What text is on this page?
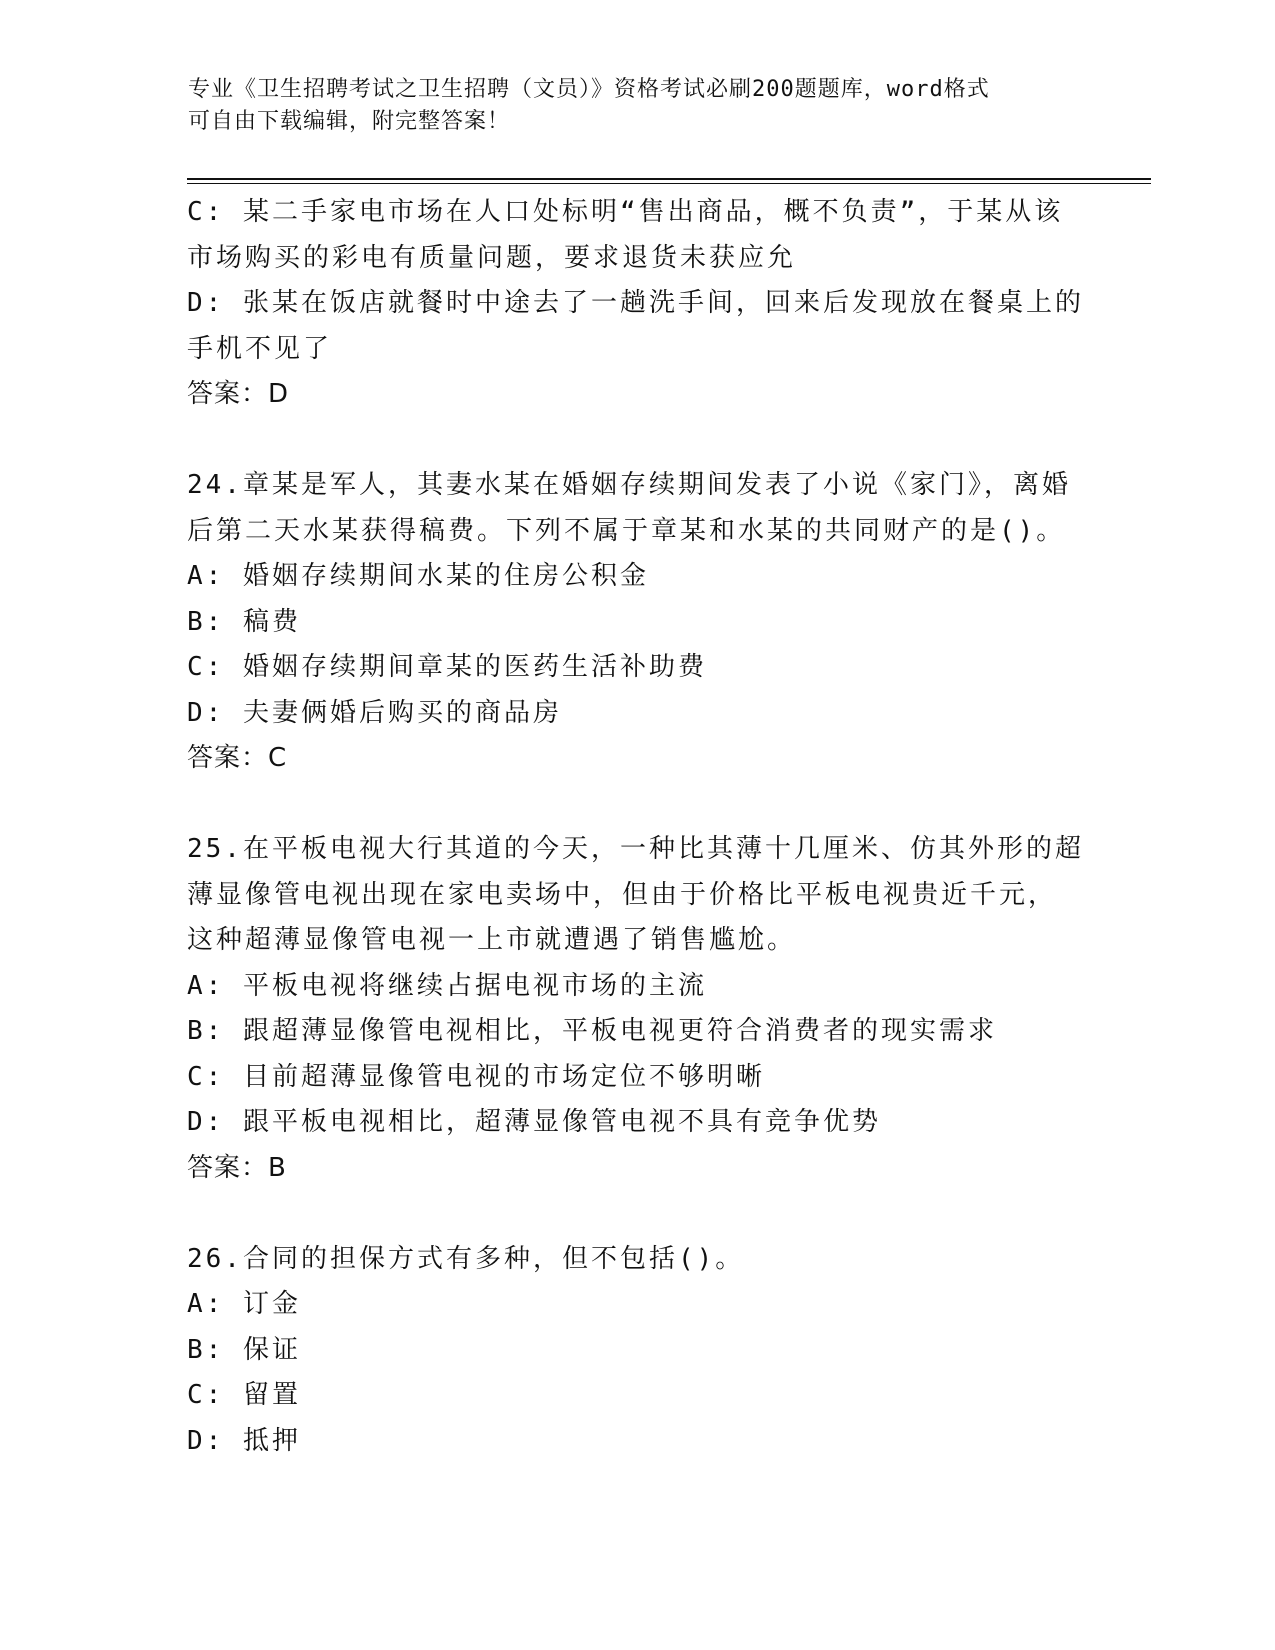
专业《卫生招聘考试之卫生招聘（文员）》资格考试必刷200题题库，word格式
可自由下载编辑，附完整答案！
C: 某二手家电市场在人口处标明“售出商品，概不负责”，于某从该
市场购买的彩电有质量问题，要求退货未获应允
D: 张某在饭店就餐时中途去了一趟洗手间，回来后发现放在餐桌上的
手机不见了
答案：D
24.章某是军人，其妻水某在婚姻存续期间发表了小说《家门》，离婚
后第二天水某获得稿费。下列不属于章某和水某的共同财产的是()。
A: 婚姻存续期间水某的住房公积金
B: 稿费
C: 婚姻存续期间章某的医药生活补助费
D: 夫妻俩婚后购买的商品房
答案：C
25.在平板电视大行其道的今天，一种比其薄十几厘米、仿其外形的超
薄显像管电视出现在家电卖场中，但由于价格比平板电视贵近千元，
这种超薄显像管电视一上市就遭遇了销售尴尬。
A: 平板电视将继续占据电视市场的主流
B: 跟超薄显像管电视相比，平板电视更符合消费者的现实需求
C: 目前超薄显像管电视的市场定位不够明晰
D: 跟平板电视相比，超薄显像管电视不具有竞争优势
答案：B
26.合同的担保方式有多种，但不包括()。
A: 订金
B: 保证
C: 留置
D: 抵押
